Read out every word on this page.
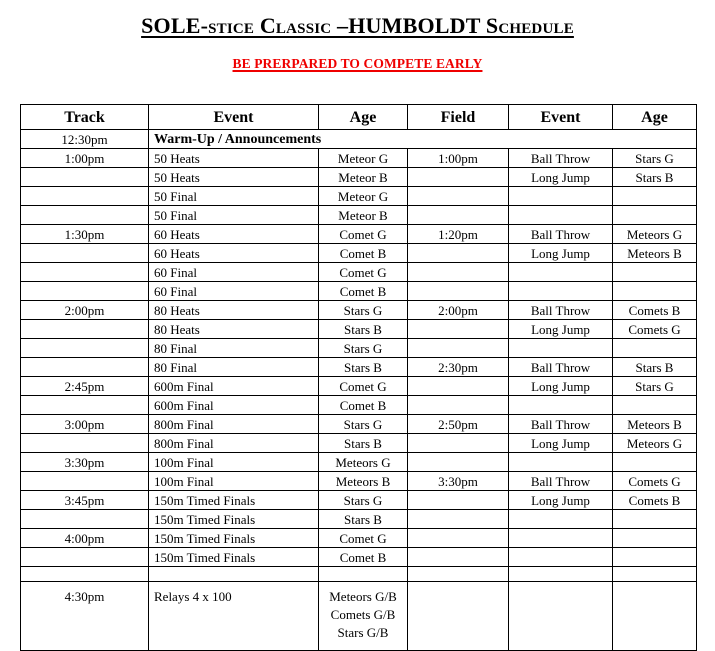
SOLE-stice Classic –HUMBOLDT Schedule
BE PRERPARED TO COMPETE EARLY
Track	Event	Age	Field	Event	Age
12:30pm	Warm-Up / Announcements				
1:00pm	50 Heats	Meteor G	1:00pm	Ball Throw	Stars G
	50 Heats	Meteor B		Long Jump	Stars B
	50 Final	Meteor G			
	50 Final	Meteor B			
1:30pm	60 Heats	Comet G	1:20pm	Ball Throw	Meteors G
	60 Heats	Comet B		Long Jump	Meteors B
	60 Final	Comet G			
	60 Final	Comet B			
2:00pm	80 Heats	Stars G	2:00pm	Ball Throw	Comets B
	80 Heats	Stars B		Long Jump	Comets G
	80 Final	Stars G			
	80 Final	Stars B	2:30pm	Ball Throw	Stars B
2:45pm	600m Final	Comet G		Long Jump	Stars G
	600m Final	Comet B			
3:00pm	800m Final	Stars G	2:50pm	Ball Throw	Meteors B
	800m Final	Stars B		Long Jump	Meteors G
3:30pm	100m Final	Meteors G			
	100m Final	Meteors B	3:30pm	Ball Throw	Comets G
3:45pm	150m Timed Finals	Stars G		Long Jump	Comets B
	150m Timed Finals	Stars B			
4:00pm	150m Timed Finals	Comet G			
	150m Timed Finals	Comet B			

4:30pm	Relays 4 x 100	Meteors G/B
Comets G/B
Stars G/B			
